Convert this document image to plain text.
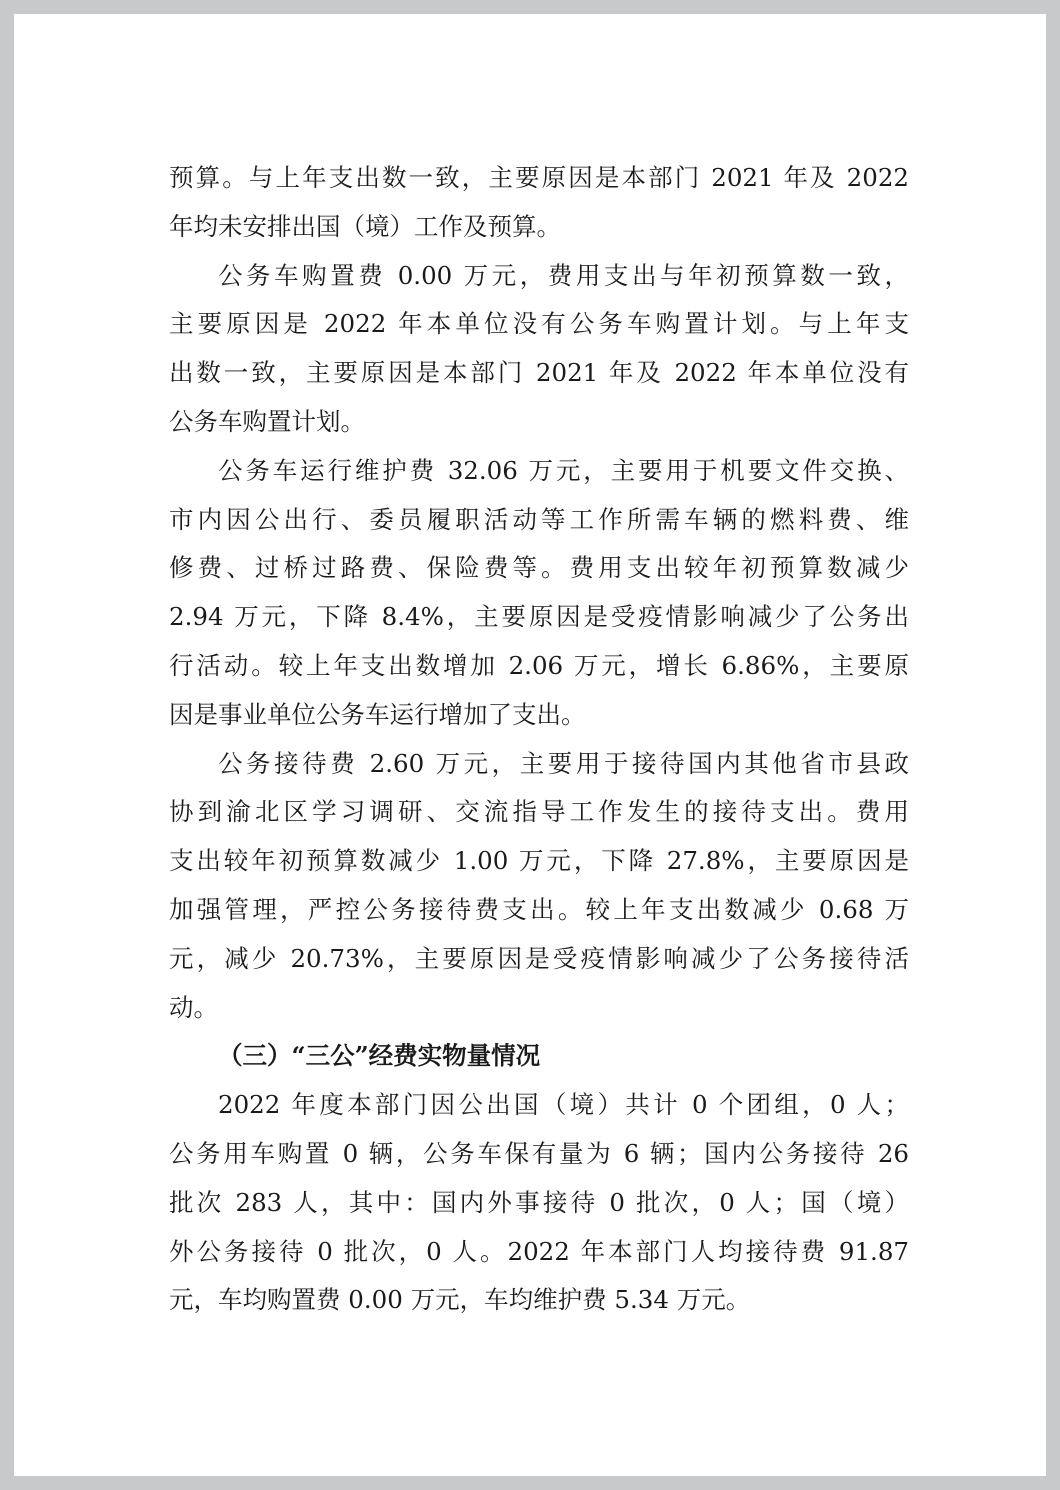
预算。与上年支出数一致，主要原因是本部门 2021 年及 2022
年均未安排出国（境）工作及预算。
公务车购置费 0.00 万元，费用支出与年初预算数一致，
主要原因是 2022 年本单位没有公务车购置计划。与上年支
出数一致，主要原因是本部门 2021 年及 2022 年本单位没有
公务车购置计划。
公务车运行维护费 32.06 万元，主要用于机要文件交换、
市内因公出行、委员履职活动等工作所需车辆的燃料费、维
修费、过桥过路费、保险费等。费用支出较年初预算数减少
2.94 万元，下降 8.4%，主要原因是受疫情影响减少了公务出
行活动。较上年支出数增加 2.06 万元，增长 6.86%，主要原
因是事业单位公务车运行增加了支出。
公务接待费 2.60 万元，主要用于接待国内其他省市县政
协到渝北区学习调研、交流指导工作发生的接待支出。费用
支出较年初预算数减少 1.00 万元，下降 27.8%，主要原因是
加强管理，严控公务接待费支出。较上年支出数减少 0.68 万
元，减少 20.73%，主要原因是受疫情影响减少了公务接待活
动。
（三）“三公”经费实物量情况
2022 年度本部门因公出国（境）共计 0 个团组，0 人；
公务用车购置 0 辆，公务车保有量为 6 辆；国内公务接待 26
批次 283 人，其中：国内外事接待 0 批次，0 人；国（境）
外公务接待 0 批次，0 人。2022 年本部门人均接待费 91.87
元，车均购置费 0.00 万元，车均维护费 5.34 万元。
